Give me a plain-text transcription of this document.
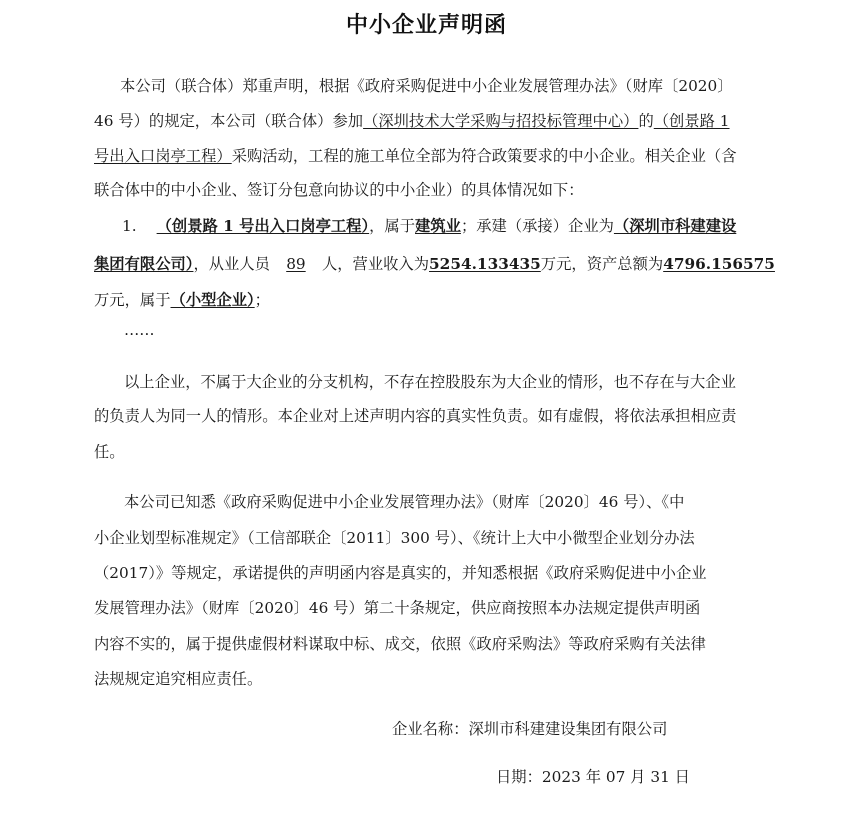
中小企业声明函
本公司（联合体）郑重声明，根据《政府采购促进中小企业发展管理办法》（财库〔2020〕
46 号）的规定，本公司（联合体）参加（深圳技术大学采购与招投标管理中心）的（创景路 1
号出入口岗亭工程）采购活动，工程的施工单位全部为符合政策要求的中小企业。相关企业（含
联合体中的中小企业、签订分包意向协议的中小企业）的具体情况如下：
1. （创景路 1 号出入口岗亭工程），属于建筑业；承建（承接）企业为（深圳市科建建设
集团有限公司），从业人员 89 人，营业收入为5254.133435万元，资产总额为4796.156575
万元，属于（小型企业）；
……
以上企业，不属于大企业的分支机构，不存在控股股东为大企业的情形，也不存在与大企业
的负责人为同一人的情形。本企业对上述声明内容的真实性负责。如有虚假，将依法承担相应责
任。
本公司已知悉《政府采购促进中小企业发展管理办法》（财库〔2020〕46 号）、《中
小企业划型标准规定》（工信部联企〔2011〕300 号）、《统计上大中小微型企业划分办法
（2017）》等规定，承诺提供的声明函内容是真实的，并知悉根据《政府采购促进中小企业
发展管理办法》（财库〔2020〕46 号）第二十条规定，供应商按照本办法规定提供声明函
内容不实的，属于提供虚假材料谋取中标、成交，依照《政府采购法》等政府采购有关法律
法规规定追究相应责任。
企业名称：深圳市科建建设集团有限公司
日期：2023 年 07 月 31 日
